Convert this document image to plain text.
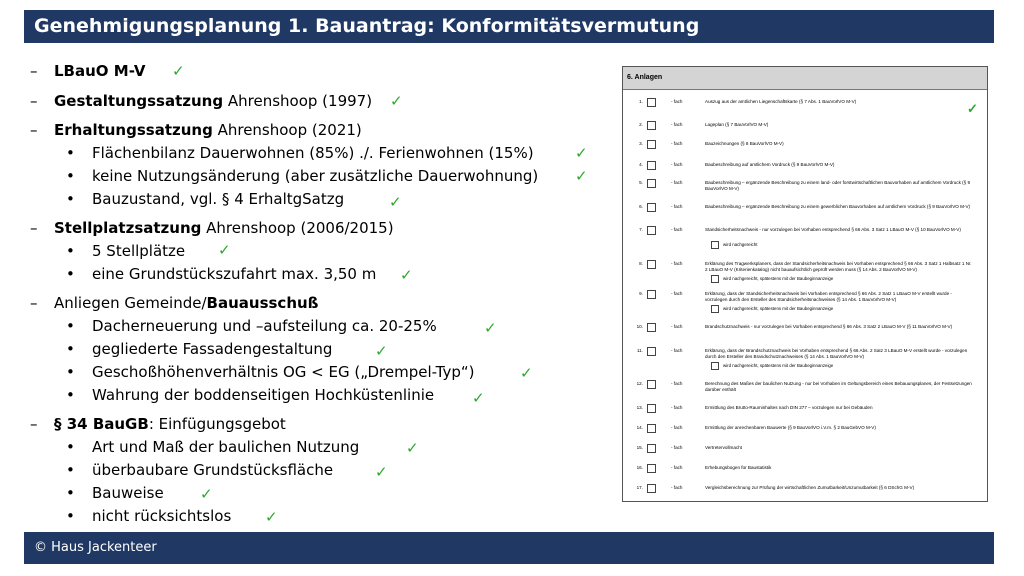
Genehmigungsplanung 1. Bauantrag: Konformitätsvermutung
– LBauO M-V ✓
– Gestaltungssatzung Ahrenshoop (1997) ✓
– Erhaltungssatzung Ahrenshoop (2021)
• Flächenbilanz Dauerwohnen (85%) ./. Ferienwohnen (15%)	✓
• keine Nutzungsänderung (aber zusätzliche Dauerwohnung) ✓
• Bauzustand, vgl. § 4 ErhaltgSatzg	✓
– Stellplatzsatzung Ahrenshoop (2006/2015)
• 5 Stellplätze ✓
• eine Grundstückszufahrt max. 3,50 m ✓
– Anliegen Gemeinde/Bauausschuß
• Dacherneuerung und –aufsteilung ca. 20-25%	✓
• gegliederte Fassadengestaltung	✓
• Geschoßhöhenverhältnis OG < EG („Drempel-Typ“)	✓
• Wahrung der boddenseitigen Hochküstenlinie	✓
– § 34 BauGB: Einfügungsgebot
• Art und Maß der baulichen Nutzung	✓
• überbaubare Grundstücksfläche	✓
• Bauweise ✓
• nicht rücksichtslos ✓
6. Anlagen
✓
1.	- fach	Auszug aus der amtlichen Liegenschaftskarte (§ 7 Abs. 1 BauVorlVO M-V)
2.	- fach	Lageplan (§ 7 BauVorlVO M-V)
3.	- fach	Bauzeichnungen (§ 8 BauVorlVO M-V)
4.	- fach	Baubeschreibung auf amtlichem Vordruck (§ 9 BauVorlVO M-V)
5.	- fach	Baubeschreibung – ergänzende Beschreibung zu einem land- oder forstwirtschaftlichen Bauvorhaben auf amtlichem Vordruck (§ 9 BauVorlVO M-V)
6.	- fach	Baubeschreibung – ergänzende Beschreibung zu einem gewerblichen Bauvorhaben auf amtlichem Vordruck (§ 9 BauVorlVO M-V)
7.	- fach	Standsicherheitsnachweis - nur vorzulegen bei Vorhaben entsprechend § 66 Abs. 3 Satz 1 LBauO M-V (§ 10 BauVorlVO M-V)
wird nachgereicht
8.	- fach	Erklärung des Tragwerksplaners, dass der Standsicherheitsnachweis bei Vorhaben entsprechend § 66 Abs. 3 Satz 1 Halbsatz 1 Nr. 2 LBauO M-V (Kriterienkatalog) nicht bauaufsichtlich geprüft werden muss (§ 14 Abs. 2 BauVorlVO M-V)
wird nachgereicht, spätestens mit der Baubeginnanzeige
9.	- fach	Erklärung, dass der Standsicherheitsnachweis bei Vorhaben entsprechend § 66 Abs. 2 Satz 1 LBauO M-V erstellt wurde - vorzulegen durch den Ersteller des Standsicherheitsnachweises (§ 14 Abs. 1 BauVorlVO M-V)
wird nachgereicht, spätestens mit der Baubeginnanzeige
10.	- fach	Brandschutznachweis - nur vorzulegen bei Vorhaben entsprechend § 66 Abs. 3 Satz 2 LBauO M-V (§ 11 BauVorlVO M-V)
11.	- fach	Erklärung, dass der Brandschutznachweis bei Vorhaben entsprechend § 66 Abs. 2 Satz 3 LBauO M-V erstellt wurde - vorzulegen durch den Ersteller des Brandschutznachweises (§ 14 Abs. 1 BauVorlVO M-V)
wird nachgereicht, spätestens mit der Baubeginnanzeige
12.	- fach	Berechnung des Maßes der baulichen Nutzung - nur bei Vorhaben im Geltungsbereich eines Bebauungsplanes, der Festsetzungen darüber enthält
13.	- fach	Ermittlung des Brutto-Rauminhaltes nach DIN 277 – vorzulegen nur bei Gebäuden
14.	- fach	Ermittlung der anrechenbaren Bauwerte (§ 9 BauVorlVO i.V.m. § 2 BauGebVO M-V)
15.	- fach	Vertretervollmacht
16.	- fach	Erhebungsbogen für Baustatistik
17.	- fach	Vergleichsberechnung zur Prüfung der wirtschaftlichen Zumutbarkeit/Unzumutbarkeit (§ 6 DSchG M-V)
© Haus Jackenteer
